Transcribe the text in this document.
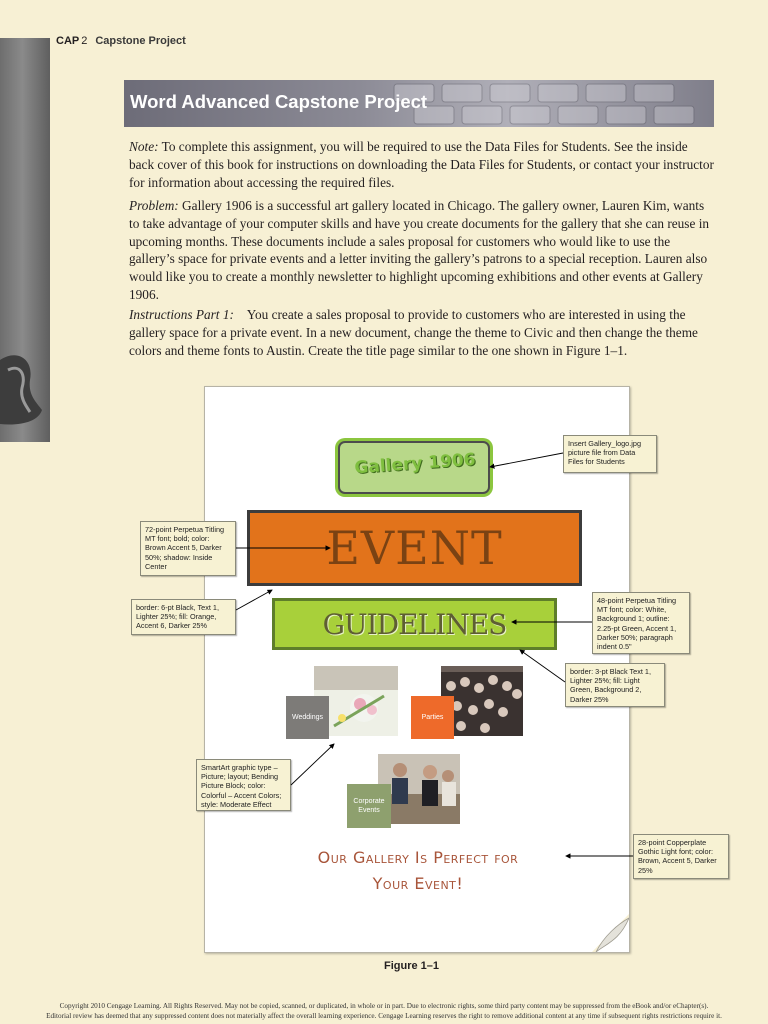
CAP 2 Capstone Project
Word Advanced Capstone Project

Note: To complete this assignment, you will be required to use the Data Files for Students. See the inside back cover of this book for instructions on downloading the Data Files for Students, or contact your instructor for information about accessing the required files.

Problem: Gallery 1906 is a successful art gallery located in Chicago. The gallery owner, Lauren Kim, wants to take advantage of your computer skills and have you create documents for the gallery that she can reuse in upcoming months. These documents include a sales proposal for customers who would like to use the gallery’s space for private events and a letter inviting the gallery’s patrons to a special reception. Lauren also would like you to create a monthly newsletter to highlight upcoming exhibitions and other events at Gallery 1906.

Instructions Part 1:    You create a sales proposal to provide to customers who are interested in using the gallery space for a private event. In a new document, change the theme to Civic and then change the theme colors and theme fonts to Austin. Create the title page similar to the one shown in Figure 1–1.

Gallery 1906
EVENT
GUIDELINES
Weddings	Parties
Corporate Events
Our Gallery Is Perfect for
Your Event!
Insert Gallery_logo.jpg picture file from Data Files for Students
72-point Perpetua Titling MT font; bold; color: Brown Accent 5, Darker 50%; shadow: Inside Center
border: 6-pt Black, Text 1, Lighter 25%; fill: Orange, Accent 6, Darker 25%
48-point Perpetua Titling MT font; color: White, Background 1; outline: 2.25-pt Green, Accent 1, Darker 50%; paragraph indent 0.5"
border: 3-pt Black Text 1, Lighter 25%; fill: Light Green, Background 2, Darker 25%
SmartArt graphic type – Picture; layout; Bending Picture Block; color: Colorful – Accent Colors; style: Moderate Effect
28-point Copperplate Gothic Light font; color: Brown, Accent 5, Darker 25%
Figure 1–1
Copyright 2010 Cengage Learning. All Rights Reserved. May not be copied, scanned, or duplicated, in whole or in part. Due to electronic rights, some third party content may be suppressed from the eBook and/or eChapter(s).
Editorial review has deemed that any suppressed content does not materially affect the overall learning experience. Cengage Learning reserves the right to remove additional content at any time if subsequent rights restrictions require it.
